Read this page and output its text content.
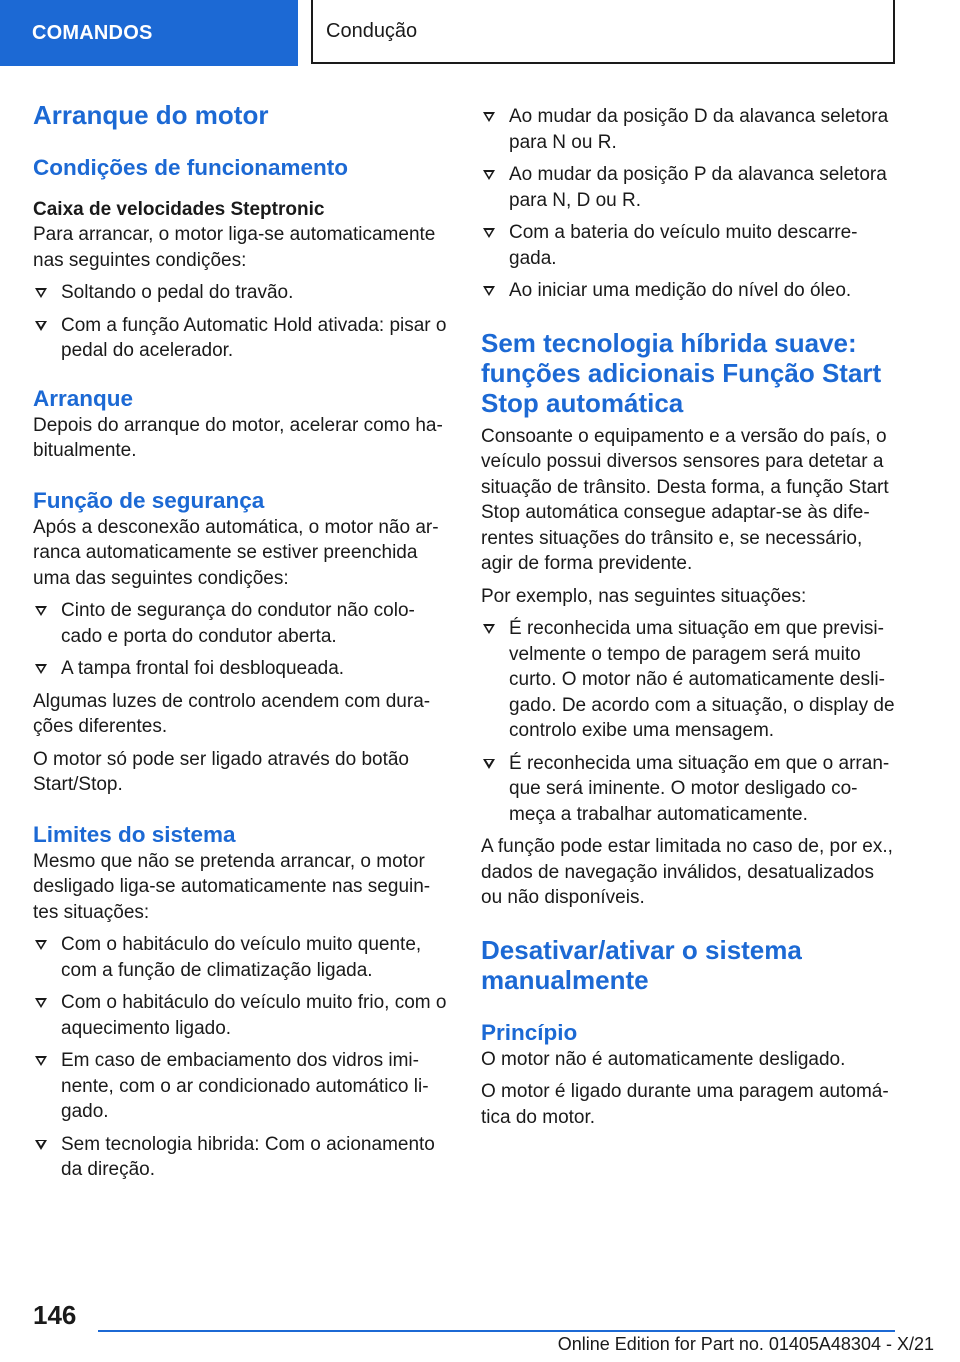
COMANDOS	Condução
Arranque do motor
Condições de funcionamento
Caixa de velocidades Steptronic

Para arrancar, o motor liga-se automaticamente nas seguintes condições:

Soltando o pedal do travão.
Com a função Automatic Hold ativada: pisar o pedal do acelerador.
Arranque

Depois do arranque do motor, acelerar como ha-bitualmente.

Função de segurança

Após a desconexão automática, o motor não ar-ranca automaticamente se estiver preenchida uma das seguintes condições:

Cinto de segurança do condutor não colo-cado e porta do condutor aberta.
A tampa frontal foi desbloqueada.

Algumas luzes de controlo acendem com dura-ções diferentes.

O motor só pode ser ligado através do botão Start/Stop.

Limites do sistema

Mesmo que não se pretenda arrancar, o motor desligado liga-se automaticamente nas seguin-tes situações:

Com o habitáculo do veículo muito quente, com a função de climatização ligada.
Com o habitáculo do veículo muito frio, com o aquecimento ligado.
Em caso de embaciamento dos vidros imi-nente, com o ar condicionado automático li-gado.
Sem tecnologia hibrida: Com o acionamento da direção.
Ao mudar da posição D da alavanca seletora para N ou R.
Ao mudar da posição P da alavanca seletora para N, D ou R.
Com a bateria do veículo muito descarre-gada.
Ao iniciar uma medição do nível do óleo.
Sem tecnologia híbrida suave: funções adicionais Função Start Stop automática

Consoante o equipamento e a versão do país, o veículo possui diversos sensores para detetar a situação de trânsito. Desta forma, a função Start Stop automática consegue adaptar-se às dife-rentes situações do trânsito e, se necessário, agir de forma previdente.

Por exemplo, nas seguintes situações:

É reconhecida uma situação em que previsi-velmente o tempo de paragem será muito curto. O motor não é automaticamente desli-gado. De acordo com a situação, o display de controlo exibe uma mensagem.
É reconhecida uma situação em que o arran-que será iminente. O motor desligado co-meça a trabalhar automaticamente.

A função pode estar limitada no caso de, por ex., dados de navegação inválidos, desatualizados ou não disponíveis.

Desativar/ativar o sistema manualmente
Princípio

O motor não é automaticamente desligado.

O motor é ligado durante uma paragem automá-tica do motor.

146
Online Edition for Part no. 01405A48304 - X/21
